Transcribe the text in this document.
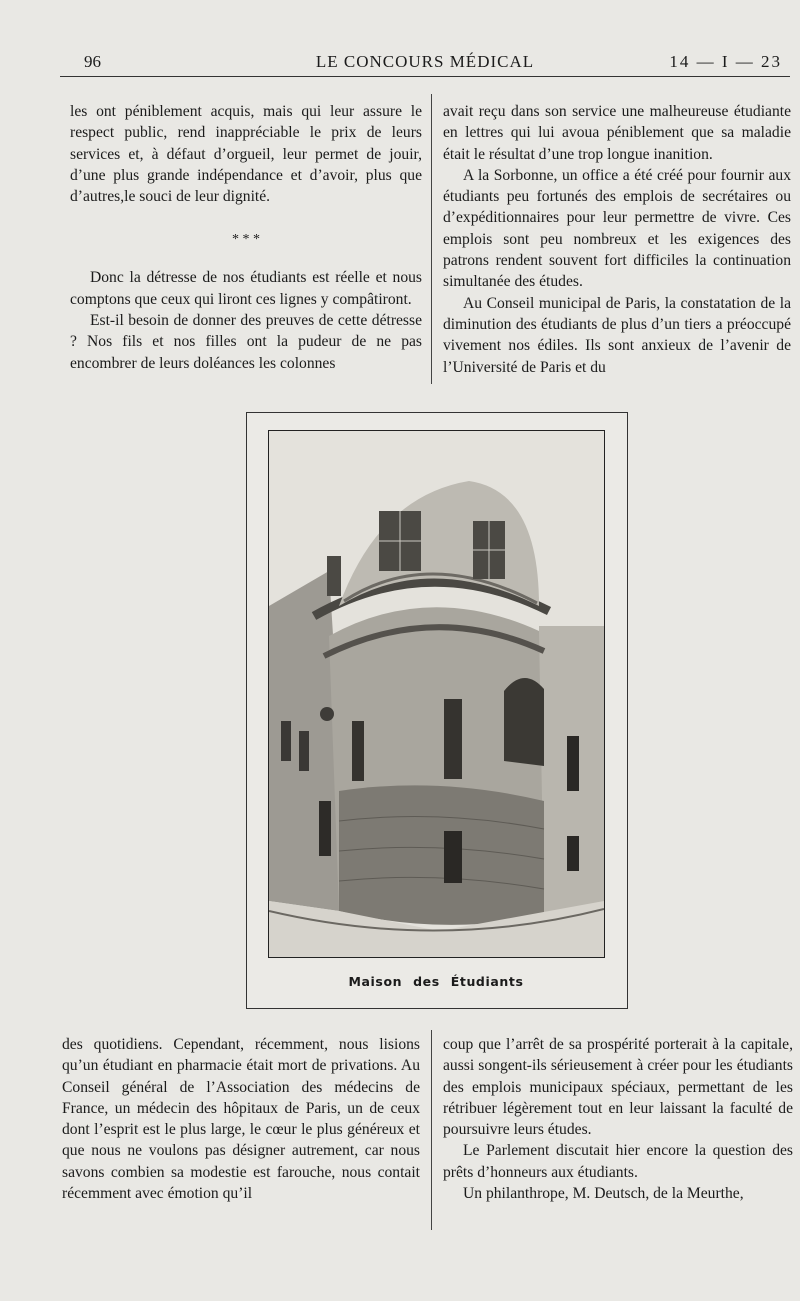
96	LE CONCOURS MÉDICAL	14 — I — 23

les ont péniblement acquis, mais qui leur assure le respect public, rend inappréciable le prix de leurs services et, à défaut d’orgueil, leur permet de jouir, d’une plus grande indépendance et d’avoir, plus que d’autres,le souci de leur dignité.

* * *

Donc la détresse de nos étudiants est réelle et nous comptons que ceux qui liront ces lignes y compâtiront.

Est-il besoin de donner des preuves de cette détresse ? Nos fils et nos filles ont la pudeur de ne pas encombrer de leurs doléances les colonnes

avait reçu dans son service une malheureuse étudiante en lettres qui lui avoua péniblement que sa maladie était le résultat d’une trop longue inanition.

A la Sorbonne, un office a été créé pour fournir aux étudiants peu fortunés des emplois de secrétaires ou d’expéditionnaires pour leur permettre de vivre. Ces emplois sont peu nombreux et les exigences des patrons rendent souvent fort difficiles la continuation simultanée des études.

Au Conseil municipal de Paris, la constatation de la diminution des étudiants de plus d’un tiers a préoccupé vivement nos édiles. Ils sont anxieux de l’avenir de l’Université de Paris et du

Maison des Étudiants

des quotidiens. Cependant, récemment, nous lisions qu’un étudiant en pharmacie était mort de privations. Au Conseil général de l’Association des médecins de France, un médecin des hôpitaux de Paris, un de ceux dont l’esprit est le plus large, le cœur le plus généreux et que nous ne voulons pas désigner autrement, car nous savons combien sa modestie est farouche, nous contait récemment avec émotion qu’il

coup que l’arrêt de sa prospérité porterait à la capitale, aussi songent-ils sérieusement à créer pour les étudiants des emplois municipaux spéciaux, permettant de les rétribuer légèrement tout en leur laissant la faculté de poursuivre leurs études.

Le Parlement discutait hier encore la question des prêts d’honneurs aux étudiants.

Un philanthrope, M. Deutsch, de la Meurthe,
